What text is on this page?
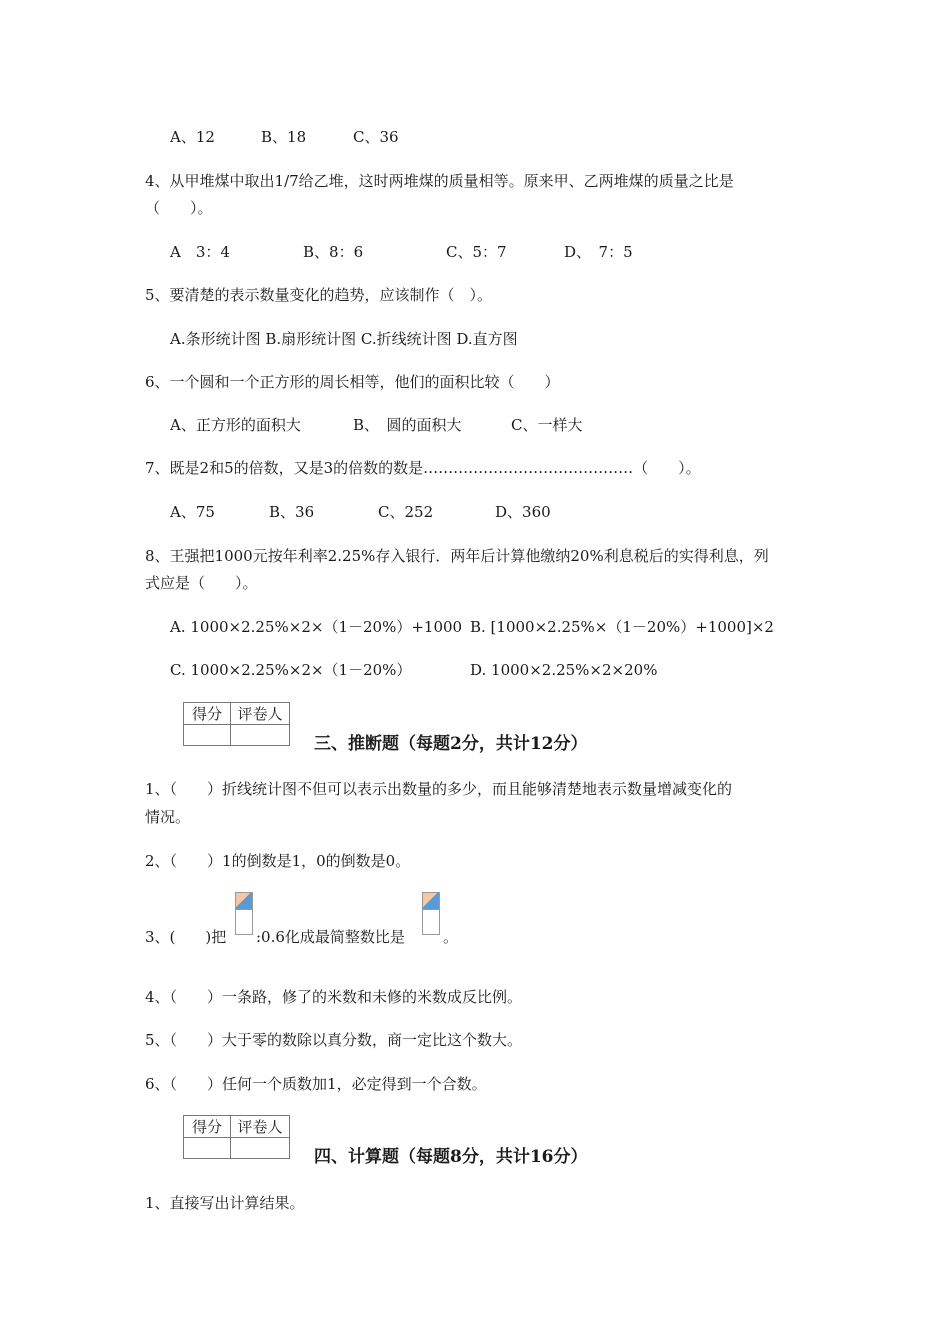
A、12	B、18	C、36
4、从甲堆煤中取出1/7给乙堆，这时两堆煤的质量相等。原来甲、乙两堆煤的质量之比是
（　　）。
A　3：4	B、8：6	C、5：7	D、　7：5
5、要清楚的表示数量变化的趋势，应该制作（　）。
A.条形统计图 B.扇形统计图 C.折线统计图 D.直方图
6、一个圆和一个正方形的周长相等，他们的面积比较（　　）
A、正方形的面积大	B、　圆的面积大	C、一样大
7、既是2和5的倍数，又是3的倍数的数是……………………………………（　　）。
A、75	B、36	C、252	D、360
8、王强把1000元按年利率2.25%存入银行．两年后计算他缴纳20%利息税后的实得利息，列
式应是（　　）。
A. 1000×2.25%×2×（1－20%）+1000 B. [1000×2.25%×（1－20%）+1000]×2
C. 1000×2.25%×2×（1－20%）	D. 1000×2.25%×2×20%
得分	评卷人

三、推断题（每题2分，共计12分）
1、（　　）折线统计图不但可以表示出数量的多少，而且能够清楚地表示数量增减变化的
情况。
2、（　　）1的倒数是1，0的倒数是0。
3、(　　)把 :0.6化成最简整数比是	。
4、（　　）一条路，修了的米数和未修的米数成反比例。
5、（　　）大于零的数除以真分数，商一定比这个数大。
6、（　　）任何一个质数加1，必定得到一个合数。
得分	评卷人

四、计算题（每题8分，共计16分）
1、直接写出计算结果。
